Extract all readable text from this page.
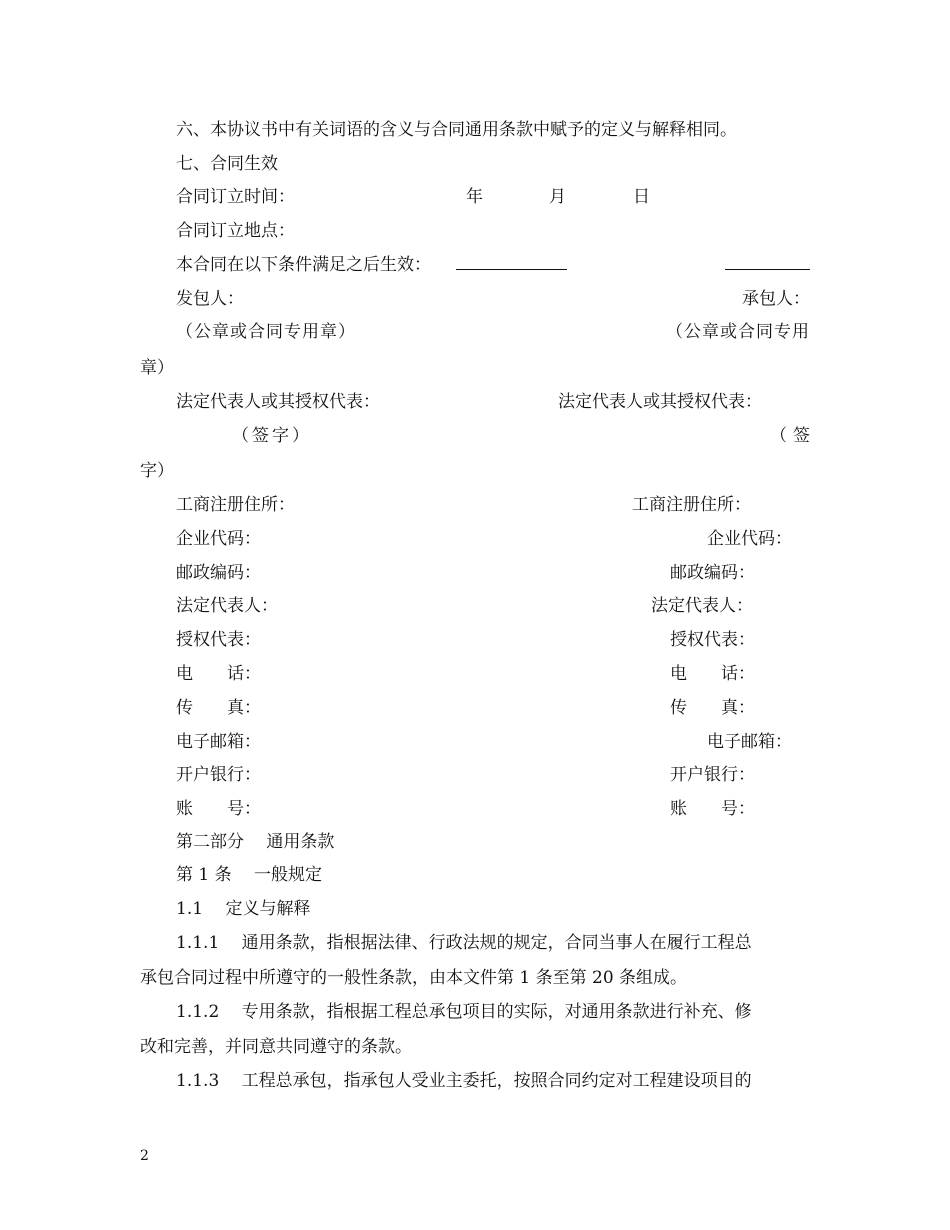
六、本协议书中有关词语的含义与合同通用条款中赋予的定义与解释相同。
七、合同生效
合同订立时间：	年	月	日
合同订立地点：
本合同在以下条件满足之后生效：
发包人：	承包人：
（公章或合同专用章）	（公章或合同专用
章）
法定代表人或其授权代表：	法定代表人或其授权代表：
（签字）	（签
字）
工商注册住所：	工商注册住所：
企业代码：	企业代码：
邮政编码：	邮政编码：
法定代表人：	法定代表人：
授权代表：	授权代表：
电　　话：	电　　话：
传　　真：	传　　真：
电子邮箱：	电子邮箱：
开户银行：	开户银行：
账　　号：	账　　号：
第二部分　 通用条款
第 1 条　 一般规定
1.1　 定义与解释
1.1.1　 通用条款，指根据法律、行政法规的规定，合同当事人在履行工程总
承包合同过程中所遵守的一般性条款，由本文件第 1 条至第 20 条组成。
1.1.2　 专用条款，指根据工程总承包项目的实际，对通用条款进行补充、修
改和完善，并同意共同遵守的条款。
1.1.3　 工程总承包，指承包人受业主委托，按照合同约定对工程建设项目的
2
